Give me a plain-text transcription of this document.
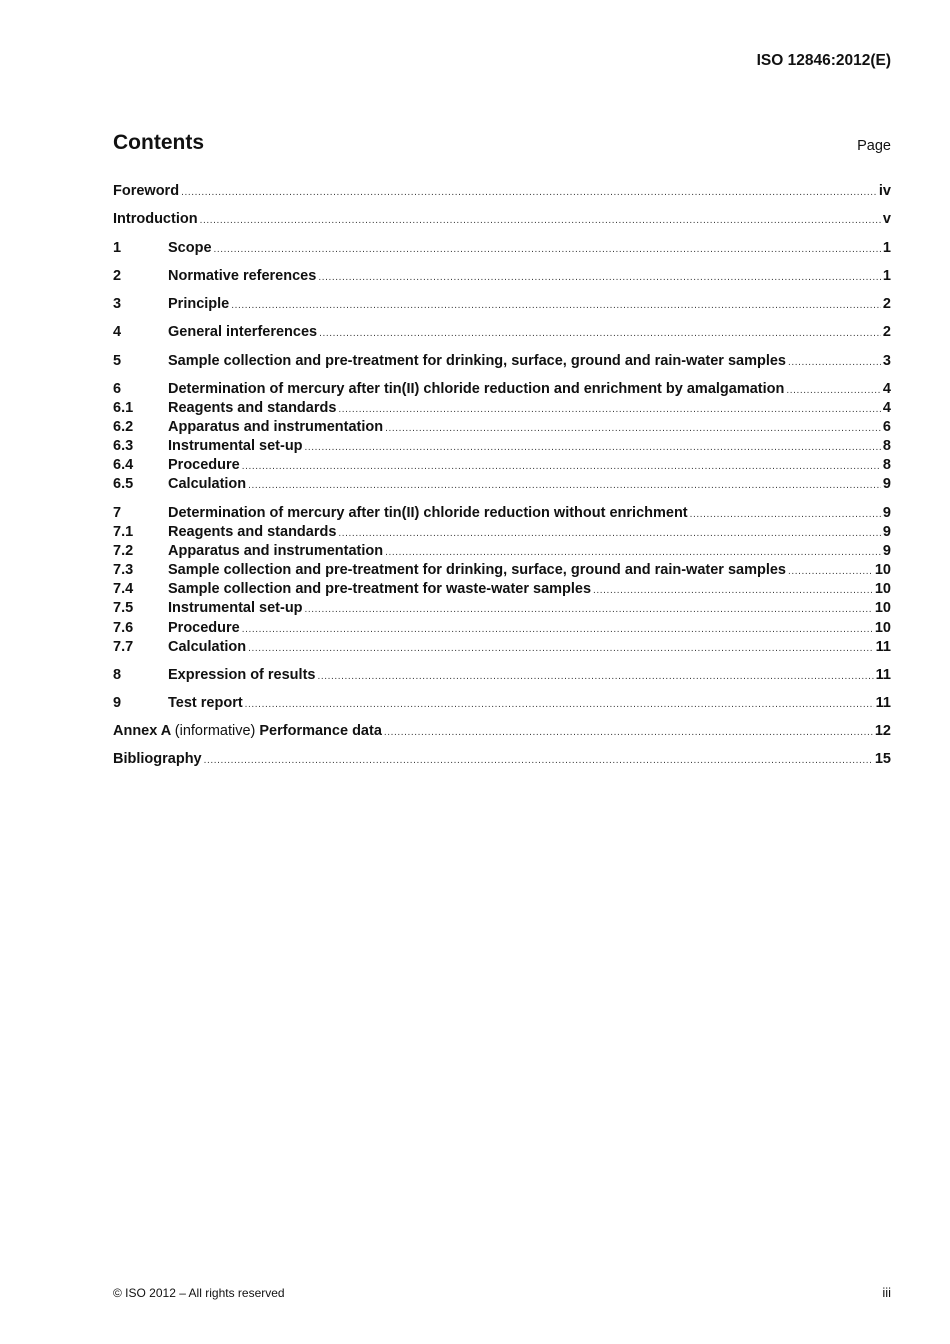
ISO 12846:2012(E)
Contents	Page
Foreword .....	iv
Introduction .....	v
1	Scope .....	1
2	Normative references .....	1
3	Principle .....	2
4	General interferences .....	2
5	Sample collection and pre-treatment for drinking, surface, ground and rain-water samples .....	3
6	Determination of mercury after tin(II) chloride reduction and enrichment by amalgamation .....	4
6.1	Reagents and standards .....	4
6.2	Apparatus and instrumentation .....	6
6.3	Instrumental set-up .....	8
6.4	Procedure .....	8
6.5	Calculation .....	9
7	Determination of mercury after tin(II) chloride reduction without enrichment .....	9
7.1	Reagents and standards .....	9
7.2	Apparatus and instrumentation .....	9
7.3	Sample collection and pre-treatment for drinking, surface, ground and rain-water samples .....	10
7.4	Sample collection and pre-treatment for waste-water samples .....	10
7.5	Instrumental set-up .....	10
7.6	Procedure .....	10
7.7	Calculation .....	11
8	Expression of results .....	11
9	Test report .....	11
Annex A (informative) Performance data .....	12
Bibliography .....	15
© ISO 2012 – All rights reserved	iii
